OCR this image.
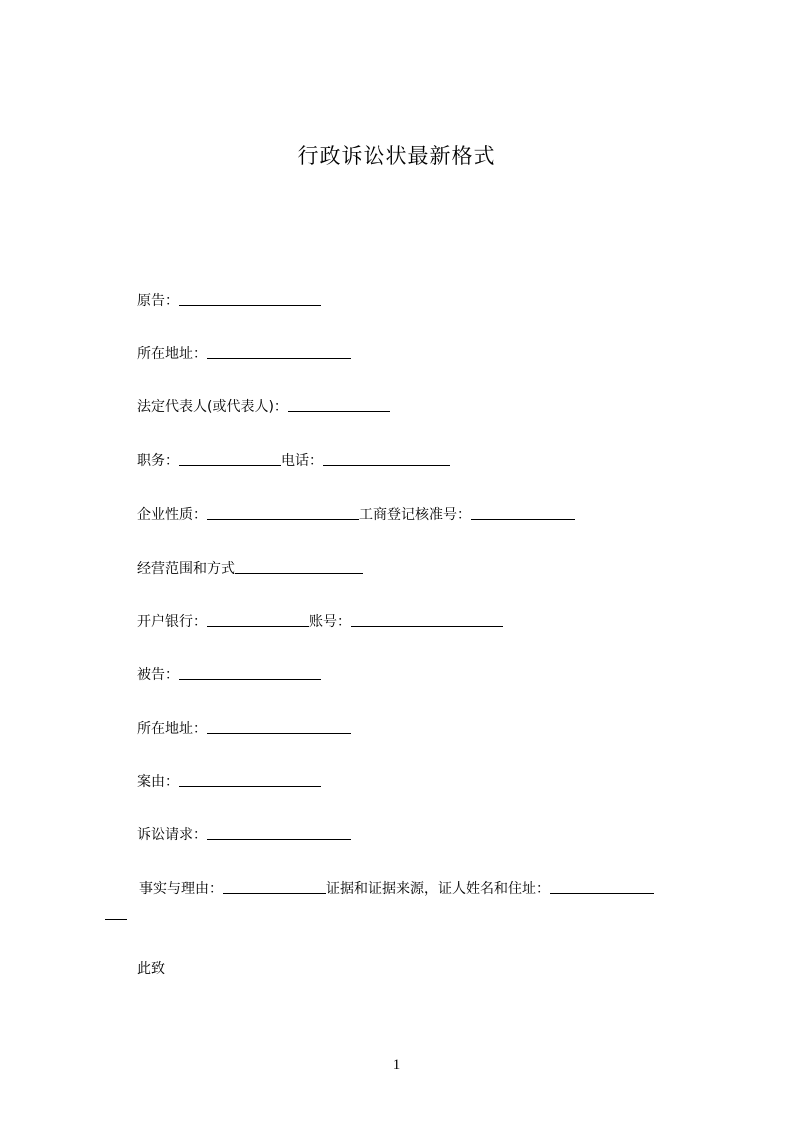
行政诉讼状最新格式
原告：
所在地址：
法定代表人(或代表人)：
职务：	电话：
企业性质：	工商登记核准号：
经营范围和方式
开户银行：	账号：
被告：
所在地址：
案由：
诉讼请求：
事实与理由：	证据和证据来源，证人姓名和住址：
此致
1
